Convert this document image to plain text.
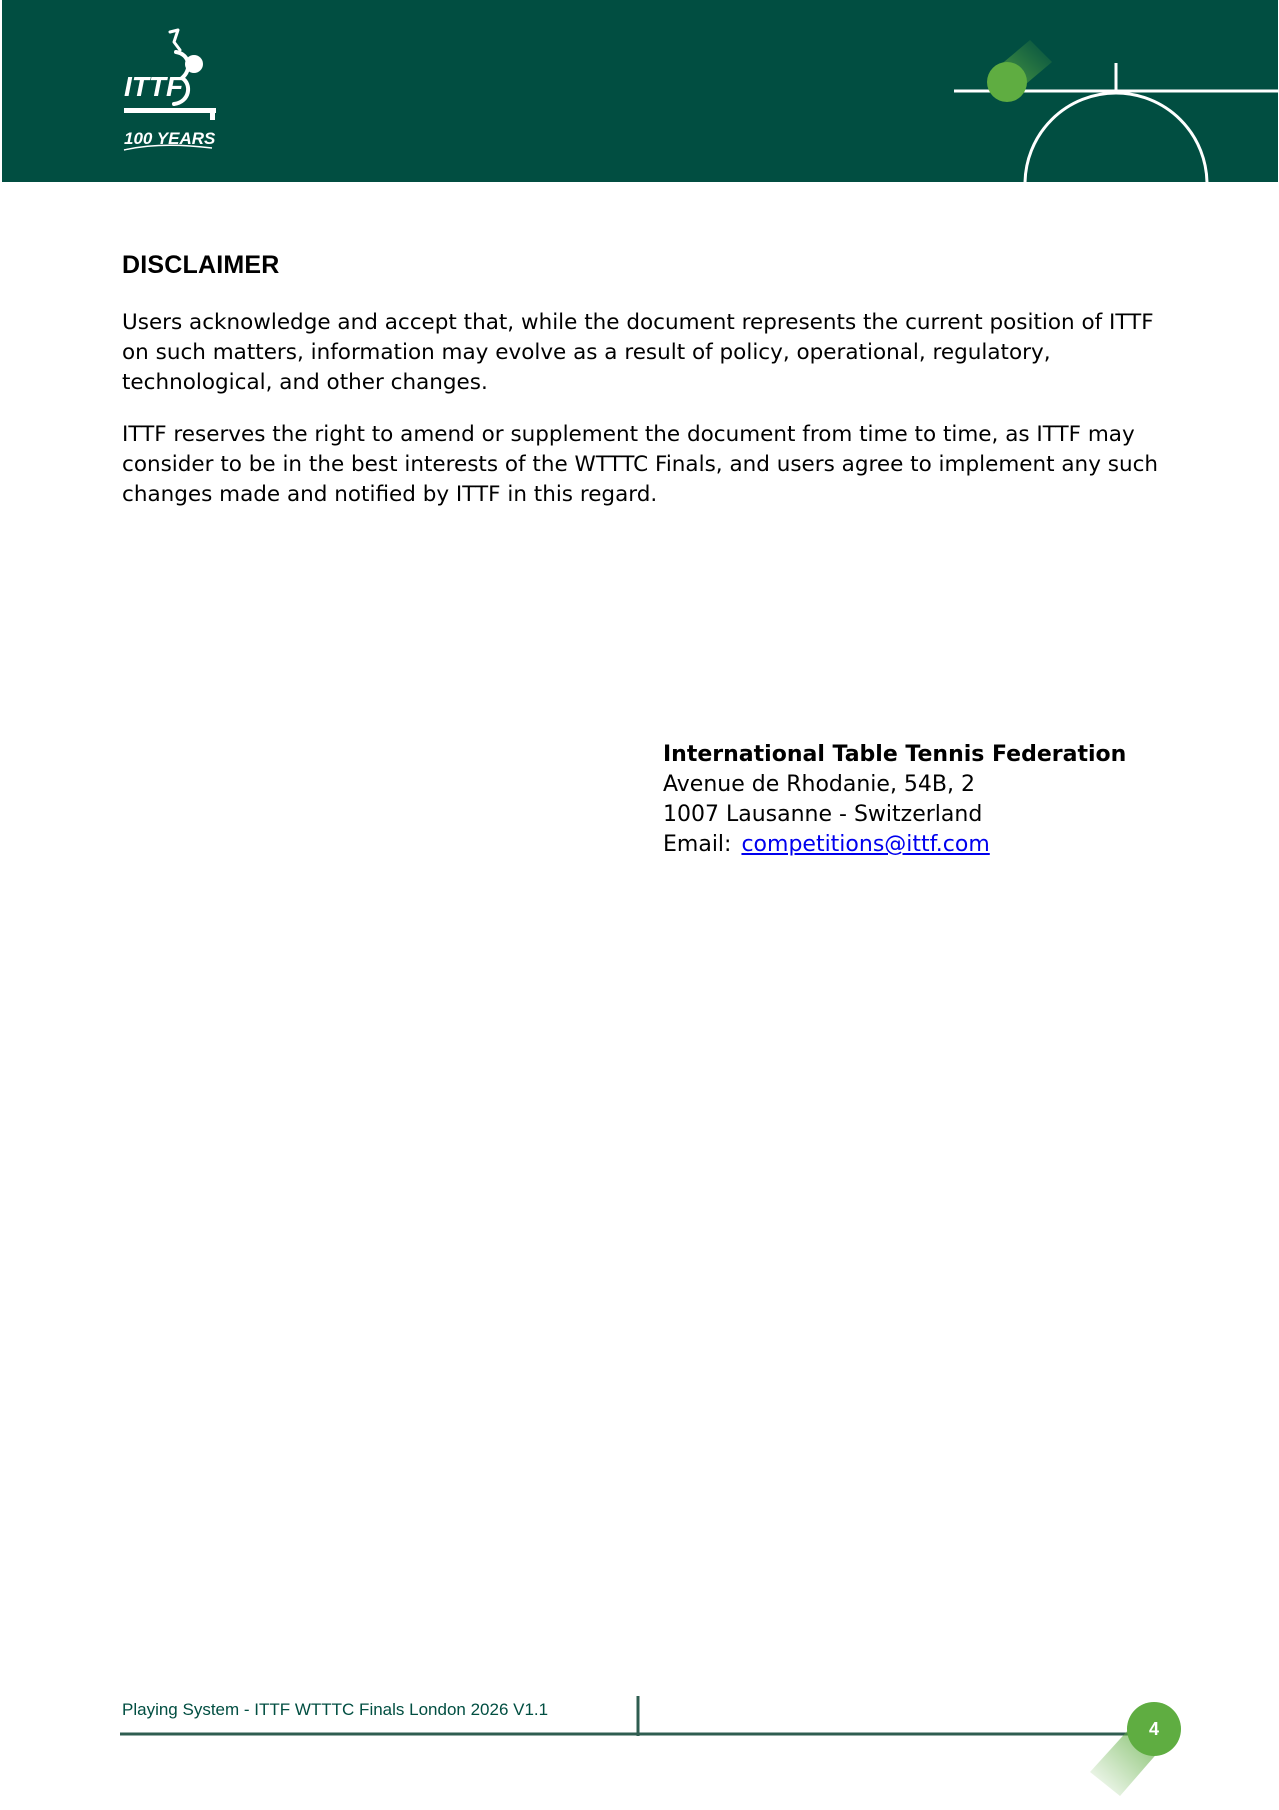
ITTF
100 YEARS
DISCLAIMER

Users acknowledge and accept that, while the document represents the current position of ITTF on such matters, information may evolve as a result of policy, operational, regulatory, technological, and other changes.

ITTF reserves the right to amend or supplement the document from time to time, as ITTF may consider to be in the best interests of the WTTTC Finals, and users agree to implement any such changes made and notified by ITTF in this regard.

International Table Tennis Federation
Avenue de Rhodanie, 54B, 2
1007 Lausanne - Switzerland
Email: competitions@ittf.com
Playing System - ITTF WTTTC Finals London 2026 V1.1
4
